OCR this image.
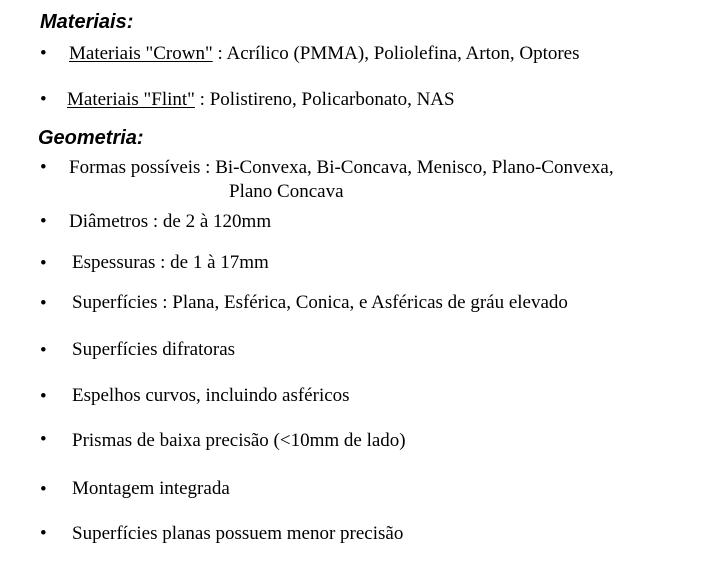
Materiais:
• Materiais "Crown" : Acrílico (PMMA), Poliolefina, Arton, Optores
• Materiais "Flint" : Polistireno, Policarbonato, NAS
Geometria:
• Formas possíveis : Bi-Convexa, Bi-Concava, Menisco, Plano-Convexa,
Plano Concava
• Diâmetros : de 2 à 120mm
• Espessuras : de 1 à 17mm
• Superfícies : Plana, Esférica, Conica, e Asféricas de gráu elevado
• Superfícies difratoras
• Espelhos curvos, incluindo asféricos
• Prismas de baixa precisão (<10mm de lado)
• Montagem integrada
• Superfícies planas possuem menor precisão
